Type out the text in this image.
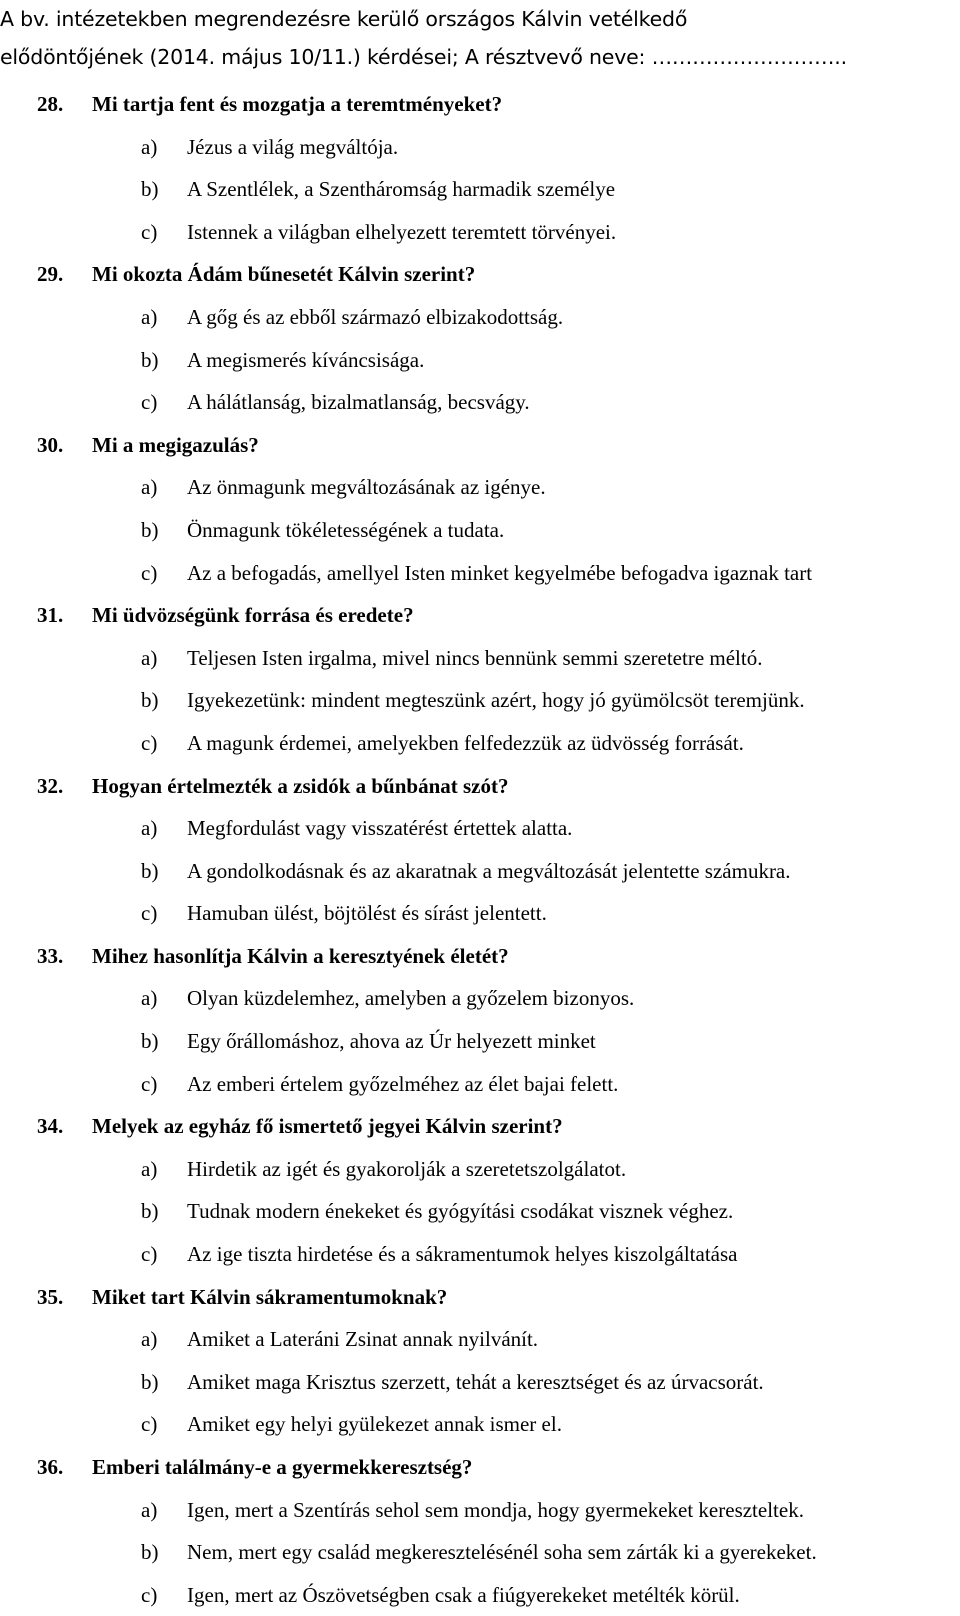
A bv. intézetekben megrendezésre kerülő országos Kálvin vetélkedő
elődöntőjének (2014. május 10/11.) kérdései; A résztvevő neve: ………………………..
28. Mi tartja fent és mozgatja a teremtményeket?
a) Jézus a világ megváltója.
b) A Szentlélek, a Szentháromság harmadik személye
c) Istennek a világban elhelyezett teremtett törvényei.
29. Mi okozta Ádám bűnesetét Kálvin szerint?
a) A gőg és az ebből származó elbizakodottság.
b) A megismerés kíváncsisága.
c) A hálátlanság, bizalmatlanság, becsvágy.
30. Mi a megigazulás?
a) Az önmagunk megváltozásának az igénye.
b) Önmagunk tökéletességének a tudata.
c) Az a befogadás, amellyel Isten minket kegyelmébe befogadva igaznak tart
31. Mi üdvözségünk forrása és eredete?
a) Teljesen Isten irgalma, mivel nincs bennünk semmi szeretetre méltó.
b) Igyekezetünk: mindent megteszünk azért, hogy jó gyümölcsöt teremjünk.
c) A magunk érdemei, amelyekben felfedezzük az üdvösség forrását.
32. Hogyan értelmezték a zsidók a bűnbánat szót?
a) Megfordulást vagy visszatérést értettek alatta.
b) A gondolkodásnak és az akaratnak a megváltozását jelentette számukra.
c) Hamuban ülést, böjtölést és sírást jelentett.
33. Mihez hasonlítja Kálvin a keresztyének életét?
a) Olyan küzdelemhez, amelyben a győzelem bizonyos.
b) Egy őrállomáshoz, ahova az Úr helyezett minket
c) Az emberi értelem győzelméhez az élet bajai felett.
34. Melyek az egyház fő ismertető jegyei Kálvin szerint?
a) Hirdetik az igét és gyakorolják a szeretetszolgálatot.
b) Tudnak modern énekeket és gyógyítási csodákat visznek véghez.
c) Az ige tiszta hirdetése és a sákramentumok helyes kiszolgáltatása
35. Miket tart Kálvin sákramentumoknak?
a) Amiket a Lateráni Zsinat annak nyilvánít.
b) Amiket maga Krisztus szerzett, tehát a keresztséget és az úrvacsorát.
c) Amiket egy helyi gyülekezet annak ismer el.
36. Emberi találmány-e a gyermekkeresztség?
a) Igen, mert a Szentírás sehol sem mondja, hogy gyermekeket kereszteltek.
b) Nem, mert egy család megkeresztelésénél soha sem zárták ki a gyerekeket.
c) Igen, mert az Ószövetségben csak a fiúgyerekeket metélték körül.
